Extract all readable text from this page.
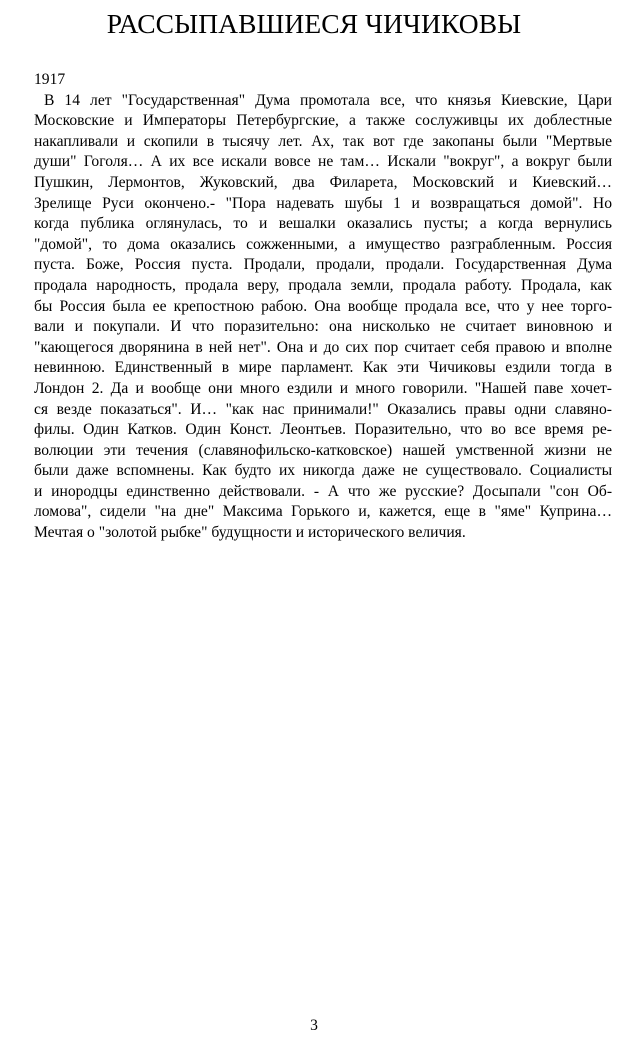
РАССЫПАВШИЕСЯ ЧИЧИКОВЫ
1917
В 14 лет "Государственная" Дума промотала все, что князья Киевские, Цари
Московские и Императоры Петербургские, а также сослуживцы их доблестные
накапливали и скопили в тысячу лет. Ах, так вот где закопаны были "Мертвые
души" Гоголя… А их все искали вовсе не там… Искали "вокруг", а вокруг были
Пушкин, Лермонтов, Жуковский, два Филарета, Московский и Киевский…
Зрелище Руси окончено.- "Пора надевать шубы 1 и возвращаться домой". Но
когда публика оглянулась, то и вешалки оказались пусты; а когда вернулись
"домой", то дома оказались сожженными, а имущество разграбленным. Россия
пуста. Боже, Россия пуста. Продали, продали, продали. Государственная Дума
продала народность, продала веру, продала земли, продала работу. Продала, как
бы Россия была ее крепостною рабою. Она вообще продала все, что у нее торго-
вали и покупали. И что поразительно: она нисколько не считает виновною и
"кающегося дворянина в ней нет". Она и до сих пор считает себя правою и вполне
невинною. Единственный в мире парламент. Как эти Чичиковы ездили тогда в
Лондон 2. Да и вообще они много ездили и много говорили. "Нашей паве хочет-
ся везде показаться". И… "как нас принимали!" Оказались правы одни славяно-
филы. Один Катков. Один Конст. Леонтьев. Поразительно, что во все время ре-
волюции эти течения (славянофильско-катковское) нашей умственной жизни не
были даже вспомнены. Как будто их никогда даже не существовало. Социалисты
и инородцы единственно действовали. - А что же русские? Досыпали "сон Об-
ломова", сидели "на дне" Максима Горького и, кажется, еще в "яме" Куприна…
Мечтая о "золотой рыбке" будущности и исторического величия.
3
